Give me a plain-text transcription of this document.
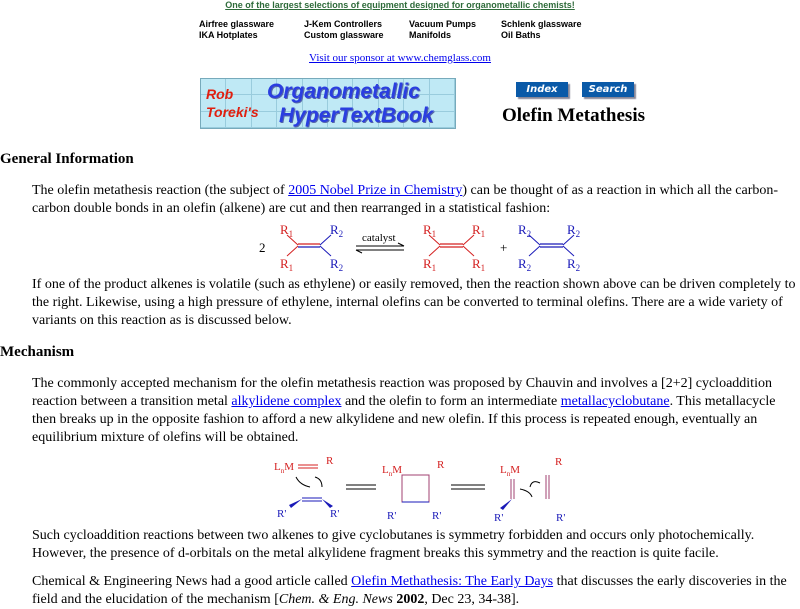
One of the largest selections of equipment designed for organometallic chemists!
Airfree glassware	J-Kem Controllers	Vacuum Pumps	Schlenk glassware
IKA Hotplates	Custom glassware	Manifolds	Oil Baths
Visit our sponsor at www.chemglass.com
Rob
Toreki's
Organometallic
HyperTextBook
Index	Search
Olefin Metathesis
General Information

The olefin metathesis reaction (the subject of 2005 Nobel Prize in Chemistry) can be thought of as a reaction in which all the carbon-carbon double bonds in an olefin (alkene) are cut and then rearranged in a statistical fashion:

2
$R_1$
$R_1$
$R_2$
$R_2$
catalyst
$R_1$
$R_1$
$R_1$
$R_1$
+
$R_2$
$R_2$
$R_2$
$R_2$

If one of the product alkenes is volatile (such as ethylene) or easily removed, then the reaction shown above can be driven completely to the right. Likewise, using a high pressure of ethylene, internal olefins can be converted to terminal olefins. There are a wide variety of variants on this reaction as is discussed below.

Mechanism

The commonly accepted mechanism for the olefin metathesis reaction was proposed by Chauvin and involves a [2+2] cycloaddition reaction between a transition metal alkylidene complex and the olefin to form an intermediate metallacyclobutane. This metallacycle then breaks up in the opposite fashion to afford a new alkylidene and new olefin. If this process is repeated enough, eventually an equilibrium mixture of olefins will be obtained.

$L_nM$	R
R'	R'
$L_nM$	R
R'	R'
$L_nM$
R'
R
R'

Such cycloaddition reactions between two alkenes to give cyclobutanes is symmetry forbidden and occurs only photochemically. However, the presence of d-orbitals on the metal alkylidene fragment breaks this symmetry and the reaction is quite facile.

Chemical & Engineering News had a good article called Olefin Methathesis: The Early Days that discusses the early discoveries in the field and the elucidation of the mechanism [Chem. & Eng. News 2002, Dec 23, 34-38].
